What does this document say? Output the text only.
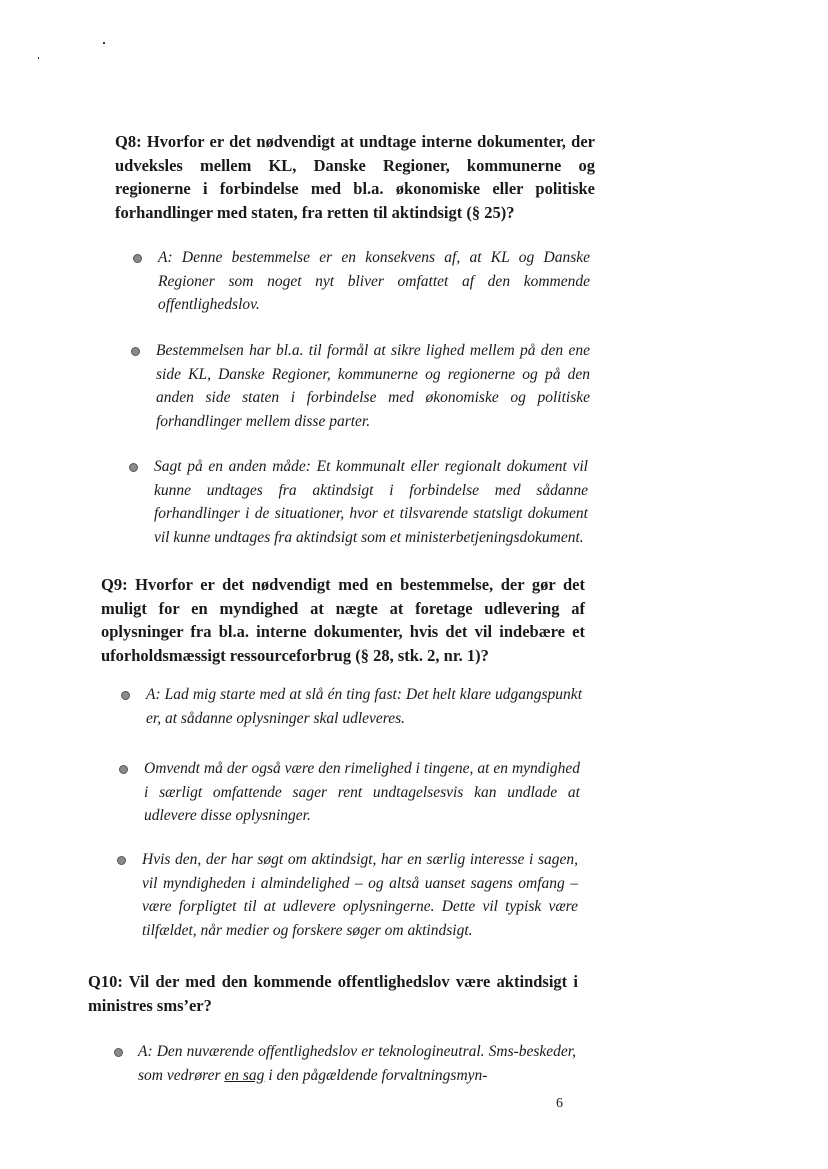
Q8: Hvorfor er det nødvendigt at undtage interne dokumenter, der udveksles mellem KL, Danske Regioner, kommunerne og regionerne i forbindelse med bl.a. økonomiske eller politiske forhandlinger med staten, fra retten til aktindsigt (§ 25)?
A: Denne bestemmelse er en konsekvens af, at KL og Danske Regioner som noget nyt bliver omfattet af den kommende offentlighedslov.
Bestemmelsen har bl.a. til formål at sikre lighed mellem på den ene side KL, Danske Regioner, kommunerne og regionerne og på den anden side staten i forbindelse med økonomiske og politiske forhandlinger mellem disse parter.
Sagt på en anden måde: Et kommunalt eller regionalt dokument vil kunne undtages fra aktindsigt i forbindelse med sådanne forhandlinger i de situationer, hvor et tilsvarende statsligt dokument vil kunne undtages fra aktindsigt som et ministerbetjeningsdokument.
Q9: Hvorfor er det nødvendigt med en bestemmelse, der gør det muligt for en myndighed at nægte at foretage udlevering af oplysninger fra bl.a. interne dokumenter, hvis det vil indebære et uforholdsmæssigt ressourceforbrug (§ 28, stk. 2, nr. 1)?
A: Lad mig starte med at slå én ting fast: Det helt klare udgangspunkt er, at sådanne oplysninger skal udleveres.
Omvendt må der også være den rimelighed i tingene, at en myndighed i særligt omfattende sager rent undtagelsesvis kan undlade at udlevere disse oplysninger.
Hvis den, der har søgt om aktindsigt, har en særlig interesse i sagen, vil myndigheden i almindelighed – og altså uanset sagens omfang – være forpligtet til at udlevere oplysningerne. Dette vil typisk være tilfældet, når medier og forskere søger om aktindsigt.
Q10: Vil der med den kommende offentlighedslov være aktindsigt i ministres sms’er?
A: Den nuværende offentlighedslov er teknologineutral. Sms-beskeder, som vedrører en sag i den pågældende forvaltningsmyn-
6
